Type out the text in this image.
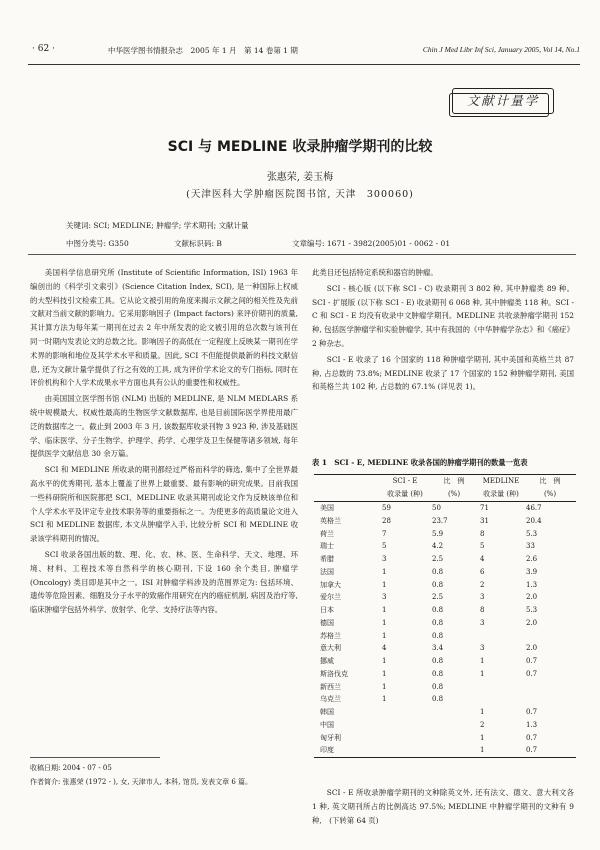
· 62 ·	中华医学图书情报杂志　2005 年 1 月　第 14 卷第 1 期	Chin J Med Libr Inf Sci, January 2005, Vol 14, No.1
文献计量学
SCI 与 MEDLINE 收录肿瘤学期刊的比较
张惠荣, 姜玉梅
(天津医科大学肿瘤医院图书馆, 天津　300060)
关键词: SCI; MEDLINE; 肿瘤学; 学术期刊; 文献计量
中图分类号: G350	文献标识码: B	文章编号: 1671 - 3982(2005)01 - 0062 - 01

美国科学信息研究所 (Institute of Scientific Information, ISI) 1963 年编创出的《科学引文索引》(Science Citation Index, SCI), 是一种国际上权威的大型科技引文检索工具。它从论文被引用的角度来揭示文献之间的相关性及先前文献对当前文献的影响力。它采用影响因子 (Impact factors) 来评价期刊的质量, 其计算方法为每年某一期刊在过去 2 年中所发表的论文被引用的总次数与该刊在同一时期内发表论文的总数之比。影响因子的高低在一定程度上反映某一期刊在学术界的影响和地位及其学术水平和质量。因此, SCI 不但能提供最新的科技文献信息, 还为文献计量学提供了行之有效的工具, 成为评价学术论文的专门指标, 同时在评价机构和个人学术成果水平方面也具有公认的重要性和权威性。

由美国国立医学图书馆 (NLM) 出版的 MEDLINE, 是 NLM MEDLARS 系统中规模最大、权威性最高的生物医学文献数据库, 也是目前国际医学界使用最广泛的数据库之一。截止到 2003 年 3 月, 该数据库收录刊物 3 923 种, 涉及基础医学、临床医学、分子生物学、护理学、药学、心理学及卫生保健等诸多领域, 每年提供医学文献信息 30 余万篇。

SCI 和 MEDLINE 所收录的期刊都经过严格而科学的筛选, 集中了全世界最高水平的优秀期刊, 基本上覆盖了世界上最重要、最有影响的研究成果。目前我国一些科研院所和医院都把 SCI、MEDLINE 收录其期刊或论文作为反映该单位和个人学术水平及评定专业技术职务等的重要指标之一。为使更多的高质量论文进入 SCI 和 MEDLINE 数据库, 本文从肿瘤学入手, 比较分析 SCI 和 MEDLINE 收录该学科期刊的情况。

SCI 收录各国出版的数、理、化、农、林、医、生命科学、天文、地理、环境、材料、工程技术等自然科学的核心期刊, 下设 160 余个类目, 肿瘤学 (Oncology) 类目即是其中之一。ISI 对肿瘤学科涉及的范围界定为: 包括环境、遗传等危险因素、细胞及分子水平的致癌作用研究在内的癌症机制, 病因及治疗等, 临床肿瘤学包括外科学、放射学、化学、支持疗法等内容。

收稿日期: 2004 - 07 - 05
作者简介: 张惠荣 (1972 - ), 女, 天津市人, 本科, 馆员, 发表文章 6 篇。

此类目还包括特定系统和器官的肿瘤。

SCI - 核心版 (以下称 SCI - C) 收录期刊 3 802 种, 其中肿瘤类 89 种。SCI - 扩展版 (以下称 SCI - E) 收录期刊 6 068 种, 其中肿瘤类 118 种。SCI - C 和 SCI - E 均没有收录中文肿瘤学期刊。MEDLINE 共收录肿瘤学期刊 152 种, 包括医学肿瘤学和实验肿瘤学, 其中有我国的《中华肿瘤学杂志》和《癌症》2 种杂志。

SCI - E 收录了 16 个国家的 118 种肿瘤学期刊, 其中美国和英格兰共 87 种, 占总数的 73.8%; MEDLINE 收录了 17 个国家的 152 种肿瘤学期刊, 美国和英格兰共 102 种, 占总数的 67.1% (详见表 1)。

表 1　SCI - E, MEDLINE 收录各国的肿瘤学期刊的数量一览表
	SCI - E	比　例	MEDLINE	比　例
	收录量 (种)	(%)	收录量 (种)	(%)
美国	59	50	71	46.7
英格兰	28	23.7	31	20.4
荷兰	7	5.9	8	5.3
瑞士	5	4.2	5	33
希腊	3	2.5	4	2.6
法国	1	0.8	6	3.9
加拿大	1	0.8	2	1.3
爱尔兰	3	2.5	3	2.0
日本	1	0.8	8	5.3
德国	1	0.8	3	2.0
苏格兰	1	0.8		
意大利	4	3.4	3	2.0
挪威	1	0.8	1	0.7
斯洛伐克	1	0.8	1	0.7
新西兰	1	0.8		
乌克兰	1	0.8		
韩国			1	0.7
中国			2	1.3
匈牙利			1	0.7
印度			1	0.7

SCI - E 所收录肿瘤学期刊的文种除英文外, 还有法文、德文、意大利文各 1 种, 英文期刊所占的比例高达 97.5%; MEDLINE 中肿瘤学期刊的文种有 9 种,　(下转第 64 页)
